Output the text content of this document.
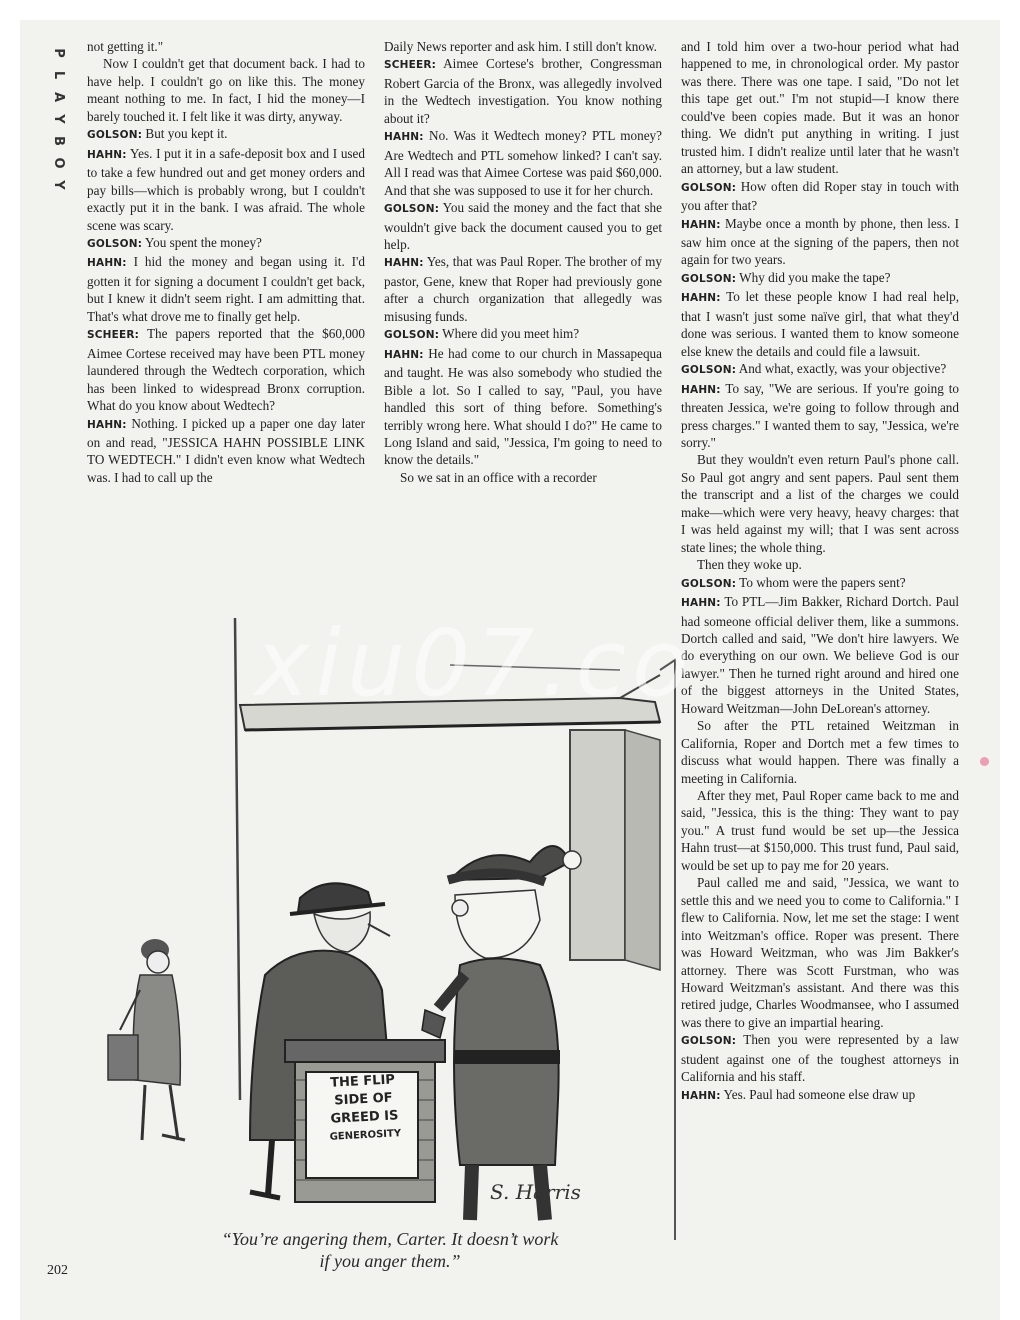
P
L
A
Y
B
O
Y

not getting it."

Now I couldn't get that document back. I had to have help. I couldn't go on like this. The money meant nothing to me. In fact, I hid the money—I barely touched it. I felt like it was dirty, anyway.

GOLSON: But you kept it.

HAHN: Yes. I put it in a safe-deposit box and I used to take a few hundred out and get money orders and pay bills—which is probably wrong, but I couldn't exactly put it in the bank. I was afraid. The whole scene was scary.

GOLSON: You spent the money?

HAHN: I hid the money and began using it. I'd gotten it for signing a document I couldn't get back, but I knew it didn't seem right. I am admitting that. That's what drove me to finally get help.

SCHEER: The papers reported that the $60,000 Aimee Cortese received may have been PTL money laundered through the Wedtech corporation, which has been linked to widespread Bronx corruption. What do you know about Wedtech?

HAHN: Nothing. I picked up a paper one day later on and read, "JESSICA HAHN POSSIBLE LINK TO WEDTECH." I didn't even know what Wedtech was. I had to call up the

Daily News reporter and ask him. I still don't know.

SCHEER: Aimee Cortese's brother, Congressman Robert Garcia of the Bronx, was allegedly involved in the Wedtech investigation. You know nothing about it?

HAHN: No. Was it Wedtech money? PTL money? Are Wedtech and PTL somehow linked? I can't say. All I read was that Aimee Cortese was paid $60,000. And that she was supposed to use it for her church.

GOLSON: You said the money and the fact that she wouldn't give back the document caused you to get help.

HAHN: Yes, that was Paul Roper. The brother of my pastor, Gene, knew that Roper had previously gone after a church organization that allegedly was misusing funds.

GOLSON: Where did you meet him?

HAHN: He had come to our church in Massapequa and taught. He was also somebody who studied the Bible a lot. So I called to say, "Paul, you have handled this sort of thing before. Something's terribly wrong here. What should I do?" He came to Long Island and said, "Jessica, I'm going to need to know the details."

So we sat in an office with a recorder

and I told him over a two-hour period what had happened to me, in chronological order. My pastor was there. There was one tape. I said, "Do not let this tape get out." I'm not stupid—I know there could've been copies made. But it was an honor thing. We didn't put anything in writing. I just trusted him. I didn't realize until later that he wasn't an attorney, but a law student.

GOLSON: How often did Roper stay in touch with you after that?

HAHN: Maybe once a month by phone, then less. I saw him once at the signing of the papers, then not again for two years.

GOLSON: Why did you make the tape?

HAHN: To let these people know I had real help, that I wasn't just some naïve girl, that what they'd done was serious. I wanted them to know someone else knew the details and could file a lawsuit.

GOLSON: And what, exactly, was your objective?

HAHN: To say, "We are serious. If you're going to threaten Jessica, we're going to follow through and press charges." I wanted them to say, "Jessica, we're sorry."

But they wouldn't even return Paul's phone call. So Paul got angry and sent papers. Paul sent them the transcript and a list of the charges we could make—which were very heavy, heavy charges: that I was held against my will; that I was sent across state lines; the whole thing.

Then they woke up.

GOLSON: To whom were the papers sent?

HAHN: To PTL—Jim Bakker, Richard Dortch. Paul had someone official deliver them, like a summons. Dortch called and said, "We don't hire lawyers. We do everything on our own. We believe God is our lawyer." Then he turned right around and hired one of the biggest attorneys in the United States, Howard Weitzman—John DeLorean's attorney.

So after the PTL retained Weitzman in California, Roper and Dortch met a few times to discuss what would happen. There was finally a meeting in California.

After they met, Paul Roper came back to me and said, "Jessica, this is the thing: They want to pay you." A trust fund would be set up—the Jessica Hahn trust—at $150,000. This trust fund, Paul said, would be set up to pay me for 20 years.

Paul called me and said, "Jessica, we want to settle this and we need you to come to California." I flew to California. Now, let me set the stage: I went into Weitzman's office. Roper was present. There was Howard Weitzman, who was Jim Bakker's attorney. There was Scott Furstman, who was Howard Weitzman's assistant. And there was this retired judge, Charles Woodmansee, who I assumed was there to give an impartial hearing.

GOLSON: Then you were represented by a law student against one of the toughest attorneys in California and his staff.

HAHN: Yes. Paul had someone else draw up

THE FLIP
SIDE OF
GREED IS
GENEROSITY
S. Harris
“You’re angering them, Carter. It doesn’t work
if you anger them.”
202
xiu07.co
